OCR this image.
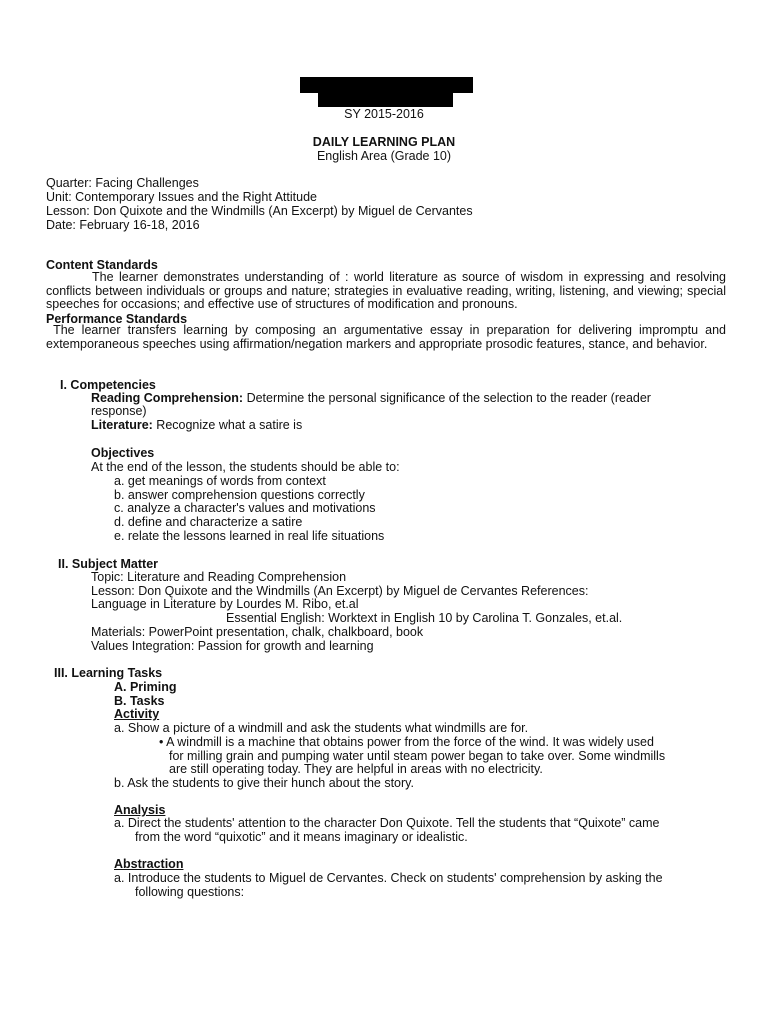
SY 2015-2016
DAILY LEARNING PLAN
English Area (Grade 10)
Quarter: Facing Challenges
Unit: Contemporary Issues and the Right Attitude
Lesson: Don Quixote and the Windmills (An Excerpt) by Miguel de Cervantes
Date: February 16-18, 2016
Content Standards
The learner demonstrates understanding of : world literature as source of wisdom in expressing and resolving conflicts between individuals or groups and nature; strategies in evaluative reading, writing, listening, and viewing; special speeches for occasions; and effective use of structures of modification and pronouns.
Performance Standards
The learner transfers learning by composing an argumentative essay in preparation for delivering impromptu and extemporaneous speeches using affirmation/negation markers and appropriate prosodic features, stance, and behavior.
I. Competencies
Reading Comprehension: Determine the personal significance of the selection to the reader (reader
response)
Literature: Recognize what a satire is
Objectives
At the end of the lesson, the students should be able to:
a. get meanings of words from context
b. answer comprehension questions correctly
c. analyze a character's values and motivations
d. define and characterize a satire
e. relate the lessons learned in real life situations
II. Subject Matter
Topic: Literature and Reading Comprehension
Lesson: Don Quixote and the Windmills (An Excerpt) by Miguel de Cervantes References:
Language in Literature by Lourdes M. Ribo, et.al
Essential English: Worktext in English 10 by Carolina T. Gonzales, et.al.
Materials: PowerPoint presentation, chalk, chalkboard, book
Values Integration: Passion for growth and learning
III. Learning Tasks
A. Priming
B. Tasks
Activity
a. Show a picture of a windmill and ask the students what windmills are for.
• A windmill is a machine that obtains power from the force of the wind. It was widely used
for milling grain and pumping water until steam power began to take over. Some windmills
are still operating today. They are helpful in areas with no electricity.
b. Ask the students to give their hunch about the story.
Analysis
a. Direct the students' attention to the character Don Quixote. Tell the students that “Quixote” came
from the word “quixotic” and it means imaginary or idealistic.
Abstraction
a. Introduce the students to Miguel de Cervantes. Check on students' comprehension by asking the
following questions:
